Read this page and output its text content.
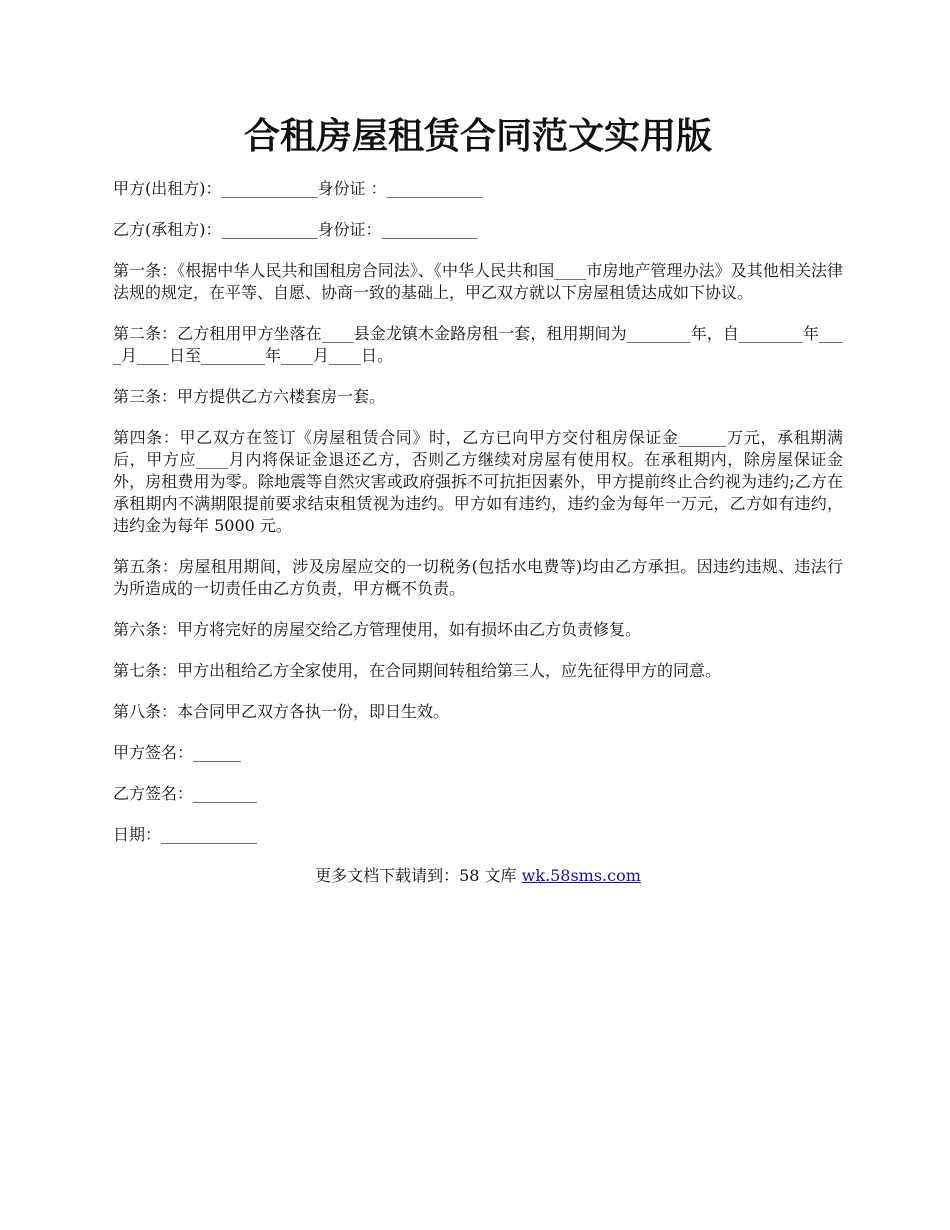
合租房屋租赁合同范文实用版

甲方(出租方)：____________身份证 ：____________

乙方(承租方)：____________身份证：____________

第一条：《根据中华人民共和国租房合同法》、《中华人民共和国____市房地产管理办法》及其他相关法律法规的规定，在平等、自愿、协商一致的基础上，甲乙双方就以下房屋租赁达成如下协议。

第二条：乙方租用甲方坐落在____县金龙镇木金路房租一套，租用期间为________年，自________年____月____日至________年____月____日。

第三条：甲方提供乙方六楼套房一套。

第四条：甲乙双方在签订《房屋租赁合同》时，乙方已向甲方交付租房保证金______万元，承租期满后，甲方应____月内将保证金退还乙方，否则乙方继续对房屋有使用权。在承租期内，除房屋保证金外，房租费用为零。除地震等自然灾害或政府强拆不可抗拒因素外，甲方提前终止合约视为违约;乙方在承租期内不满期限提前要求结束租赁视为违约。甲方如有违约，违约金为每年一万元，乙方如有违约，违约金为每年 5000 元。

第五条：房屋租用期间，涉及房屋应交的一切税务(包括水电费等)均由乙方承担。因违约违规、违法行为所造成的一切责任由乙方负责，甲方概不负责。

第六条：甲方将完好的房屋交给乙方管理使用，如有损坏由乙方负责修复。

第七条：甲方出租给乙方全家使用，在合同期间转租给第三人，应先征得甲方的同意。

第八条：本合同甲乙双方各执一份，即日生效。

甲方签名：______

乙方签名：________

日期：____________

更多文档下载请到：58 文库 wk.58sms.com
